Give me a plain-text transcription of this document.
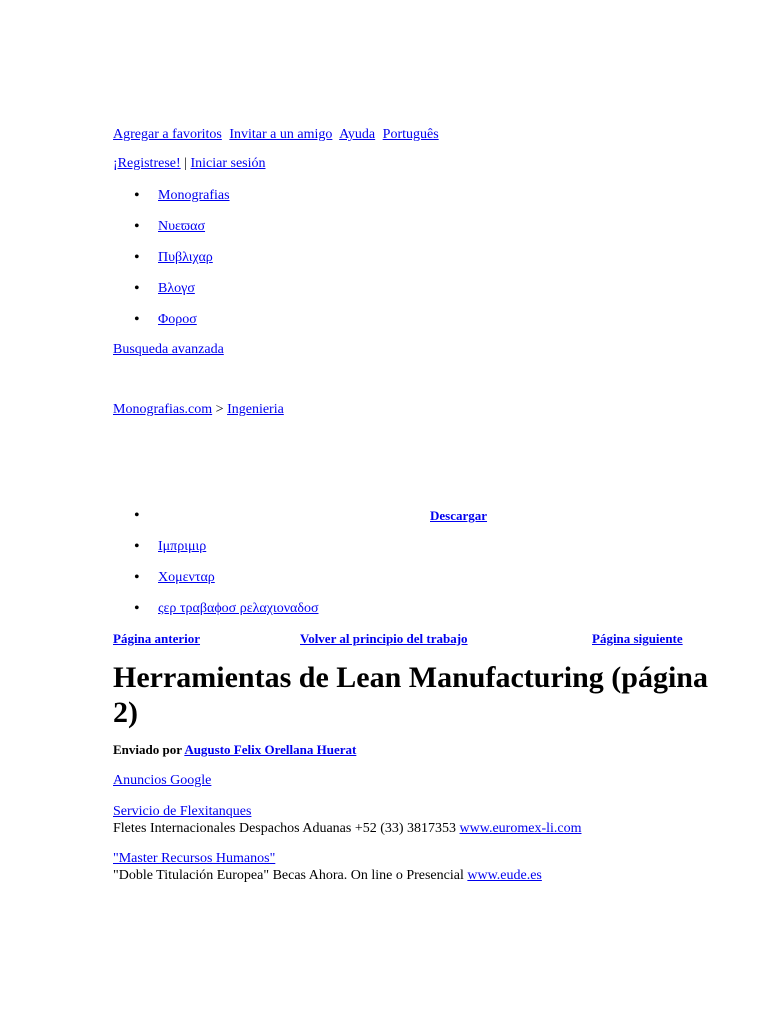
Agregar a favoritos Invitar a un amigo Ayuda Português
¡Registrese! | Iniciar sesión
• Monografias
• Νυεϖασ
• Πυβλιχαρ
• Βλογσ
• Φορoσ
Busqueda avanzada
Monografias.com > Ingenieria
• Descargar
• Ιμπριμιρ
• Χομενταρ
• ςερ τραβαϕοσ ρελαχιοναδοσ
Página anterior	Volver al principio del trabajo	Página siguiente
Herramientas de Lean Manufacturing (página 2)
Enviado por Augusto Felix Orellana Huerat
Anuncios Google
Servicio de Flexitanques
Fletes Internacionales Despachos Aduanas +52 (33) 3817353 www.euromex-li.com
"Master Recursos Humanos"
"Doble Titulación Europea" Becas Ahora. On line o Presencial www.eude.es
